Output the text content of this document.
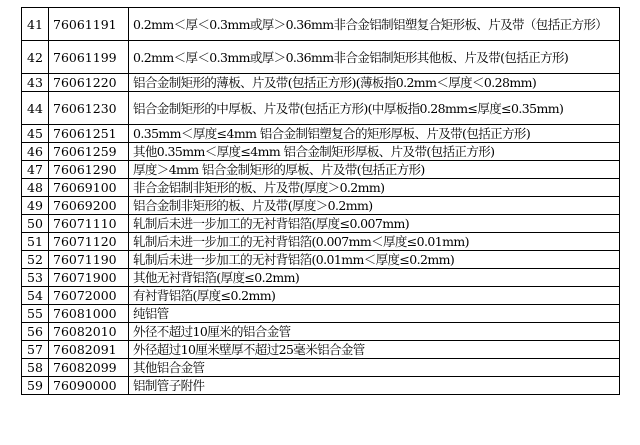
41	76061191	0.2mm＜厚＜0.3mm或厚＞0.36mm非合金铝制铝塑复合矩形板、片及带（包括正方形）
42	76061199	0.2mm＜厚＜0.3mm或厚＞0.36mm非合金铝制矩形其他板、片及带(包括正方形)
43	76061220	铝合金制矩形的薄板、片及带(包括正方形)(薄板指0.2mm＜厚度＜0.28mm)
44	76061230	铝合金制矩形的中厚板、片及带(包括正方形)(中厚板指0.28mm≤厚度≤0.35mm)
45	76061251	0.35mm＜厚度≤4mm 铝合金制铝塑复合的矩形厚板、片及带(包括正方形)
46	76061259	其他0.35mm＜厚度≤4mm 铝合金制矩形厚板、片及带(包括正方形)
47	76061290	厚度＞4mm 铝合金制矩形的厚板、片及带(包括正方形)
48	76069100	非合金铝制非矩形的板、片及带(厚度＞0.2mm)
49	76069200	铝合金制非矩形的板、片及带(厚度＞0.2mm)
50	76071110	轧制后未进一步加工的无衬背铝箔(厚度≤0.007mm)
51	76071120	轧制后未进一步加工的无衬背铝箔(0.007mm＜厚度≤0.01mm)
52	76071190	轧制后未进一步加工的无衬背铝箔(0.01mm＜厚度≤0.2mm)
53	76071900	其他无衬背铝箔(厚度≤0.2mm)
54	76072000	有衬背铝箔(厚度≤0.2mm)
55	76081000	纯铝管
56	76082010	外径不超过10厘米的铝合金管
57	76082091	外径超过10厘米壁厚不超过25毫米铝合金管
58	76082099	其他铝合金管
59	76090000	铝制管子附件
